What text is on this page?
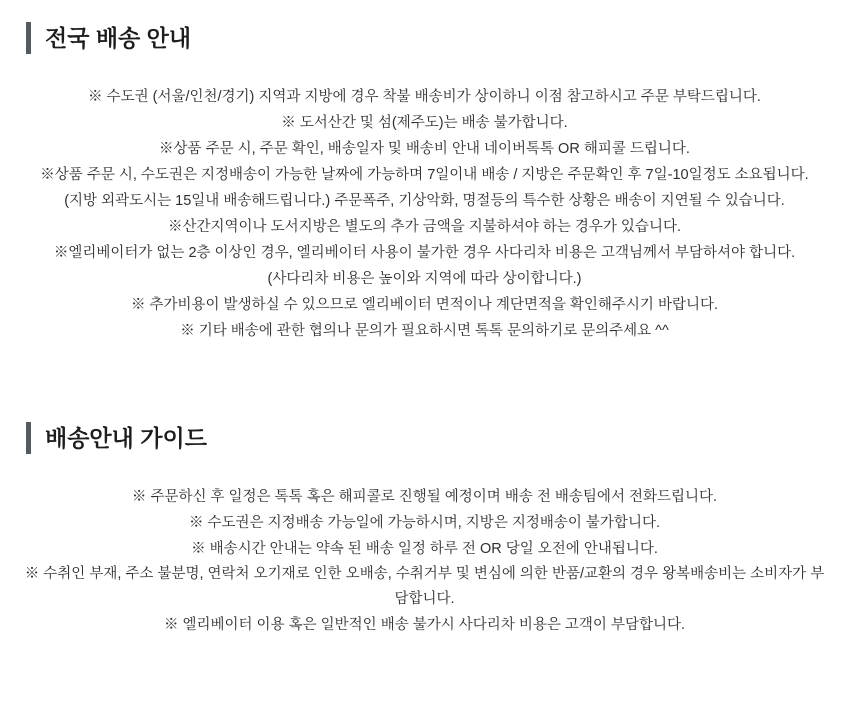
전국 배송 안내
※ 수도권 (서울/인천/경기) 지역과 지방에 경우 착불 배송비가 상이하니 이점 참고하시고 주문 부탁드립니다.
※ 도서산간 및 섬(제주도)는 배송 불가합니다.
※상품 주문 시, 주문 확인, 배송일자 및 배송비 안내 네이버톡톡 OR 해피콜 드립니다.
※상품 주문 시, 수도권은 지정배송이 가능한 날짜에 가능하며 7일이내 배송 / 지방은 주문확인 후 7일-10일정도 소요됩니다.
(지방 외곽도시는 15일내 배송해드립니다.) 주문폭주, 기상악화, 명절등의 특수한 상황은 배송이 지연될 수 있습니다.
※산간지역이나 도서지방은 별도의 추가 금액을 지불하셔야 하는 경우가 있습니다.
※엘리베이터가 없는 2층 이상인 경우, 엘리베이터 사용이 불가한 경우 사다리차 비용은 고객님께서 부담하셔야 합니다.
(사다리차 비용은 높이와 지역에 따라 상이합니다.)
※ 추가비용이 발생하실 수 있으므로 엘리베이터 면적이나 계단면적을 확인해주시기 바랍니다.
※ 기타 배송에 관한 협의나 문의가 필요하시면 톡톡 문의하기로 문의주세요 ^^
배송안내 가이드
※ 주문하신 후 일정은 톡톡 혹은 해피콜로 진행될 예정이며 배송 전 배송팀에서 전화드립니다.
※ 수도권은 지정배송 가능일에 가능하시며, 지방은 지정배송이 불가합니다.
※ 배송시간 안내는 약속 된 배송 일정 하루 전 OR 당일 오전에 안내됩니다.
※ 수취인 부재, 주소 불분명, 연락처 오기재로 인한 오배송, 수취거부 및 변심에 의한 반품/교환의 경우 왕복배송비는 소비자가 부담합니다.
※ 엘리베이터 이용 혹은 일반적인 배송 불가시 사다리차 비용은 고객이 부담합니다.
